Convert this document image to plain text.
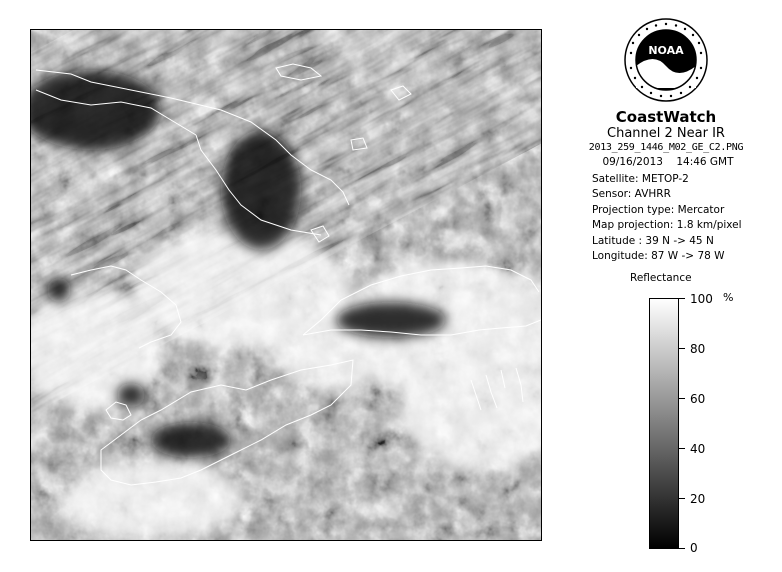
NOAA
CoastWatch
Channel 2 Near IR
2013_259_1446_M02_GE_C2.PNG
09/16/2013 14:46 GMT
Satellite: METOP-2
Sensor: AVHRR
Projection type: Mercator
Map projection: 1.8 km/pixel
Latitude : 39 N -> 45 N
Longitude: 87 W -> 78 W
Reflectance
%
100
80
60
40
20
0
